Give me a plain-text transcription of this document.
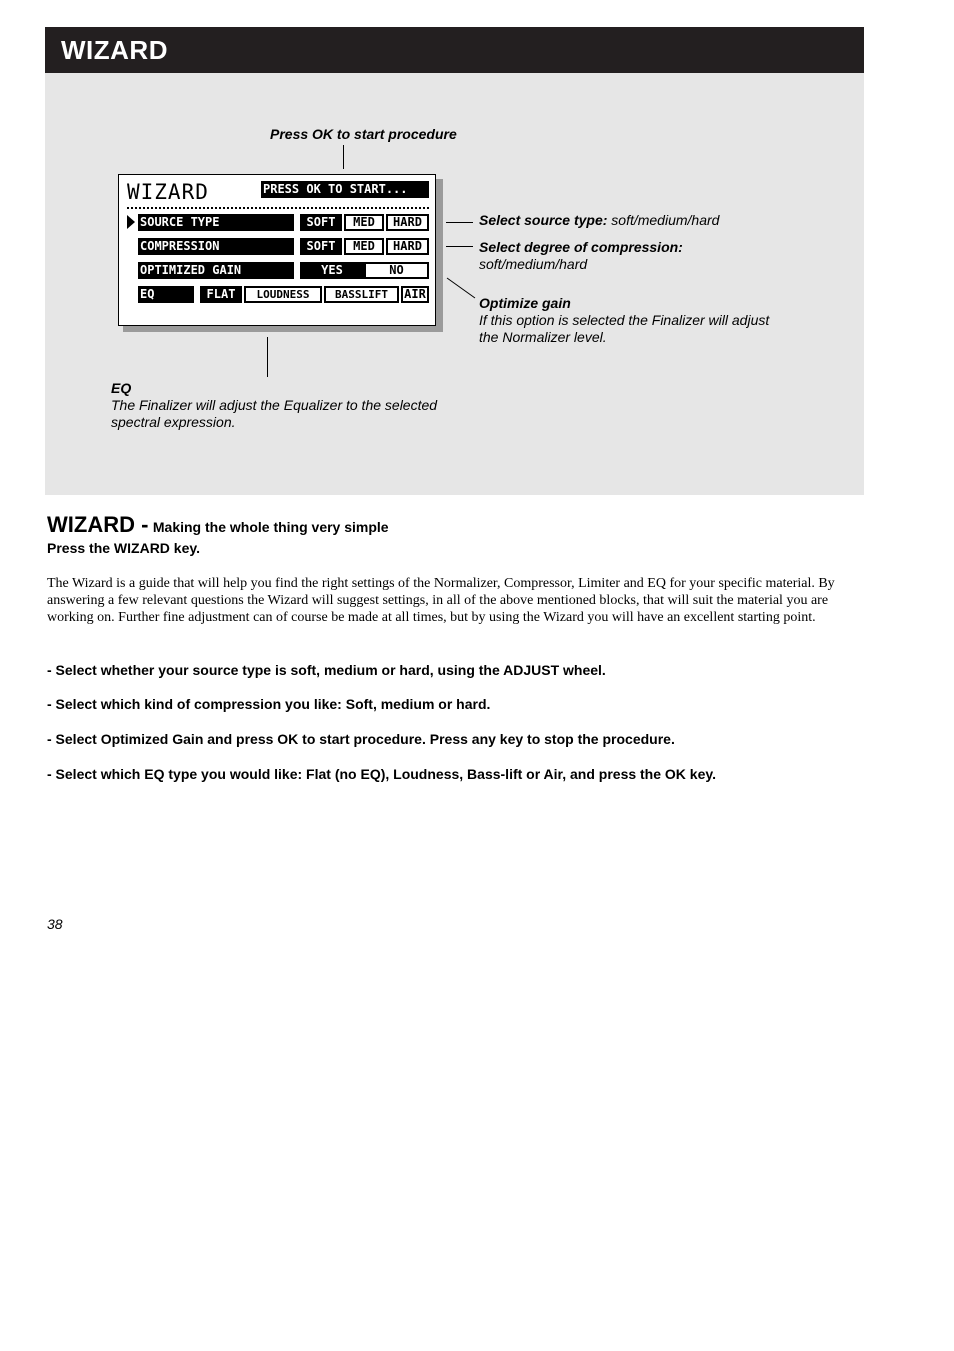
WIZARD
Press OK to start procedure
WIZARD	PRESS OK TO START...
SOURCE TYPE	SOFT	MED	HARD
COMPRESSION	SOFT	MED	HARD
OPTIMIZED GAIN	YES	NO
EQ	FLAT	LOUDNESS	BASSLIFT	AIR
Select source type: soft/medium/hard
Select degree of compression:
soft/medium/hard
Optimize gain
If this option is selected the Finalizer will adjust
the Normalizer level.
EQ
The Finalizer will adjust the Equalizer to the selected
spectral expression.
WIZARD - Making the whole thing very simple
Press the WIZARD key.

The Wizard is a guide that will help you find the right settings of the Normalizer, Compressor, Limiter and EQ for your specific material. By answering a few relevant questions the Wizard will suggest settings, in all of the above mentioned blocks, that will suit the material you are working on. Further fine adjustment can of course be made at all times, but by using the Wizard you will have an excellent starting point.

- Select whether your source type is soft, medium or hard, using the ADJUST wheel.
- Select which kind of compression you like: Soft, medium or hard.
- Select Optimized Gain and press OK to start procedure. Press any key to stop the procedure.
- Select which EQ type you would like: Flat (no EQ), Loudness, Bass-lift or Air, and press the OK key.
38
